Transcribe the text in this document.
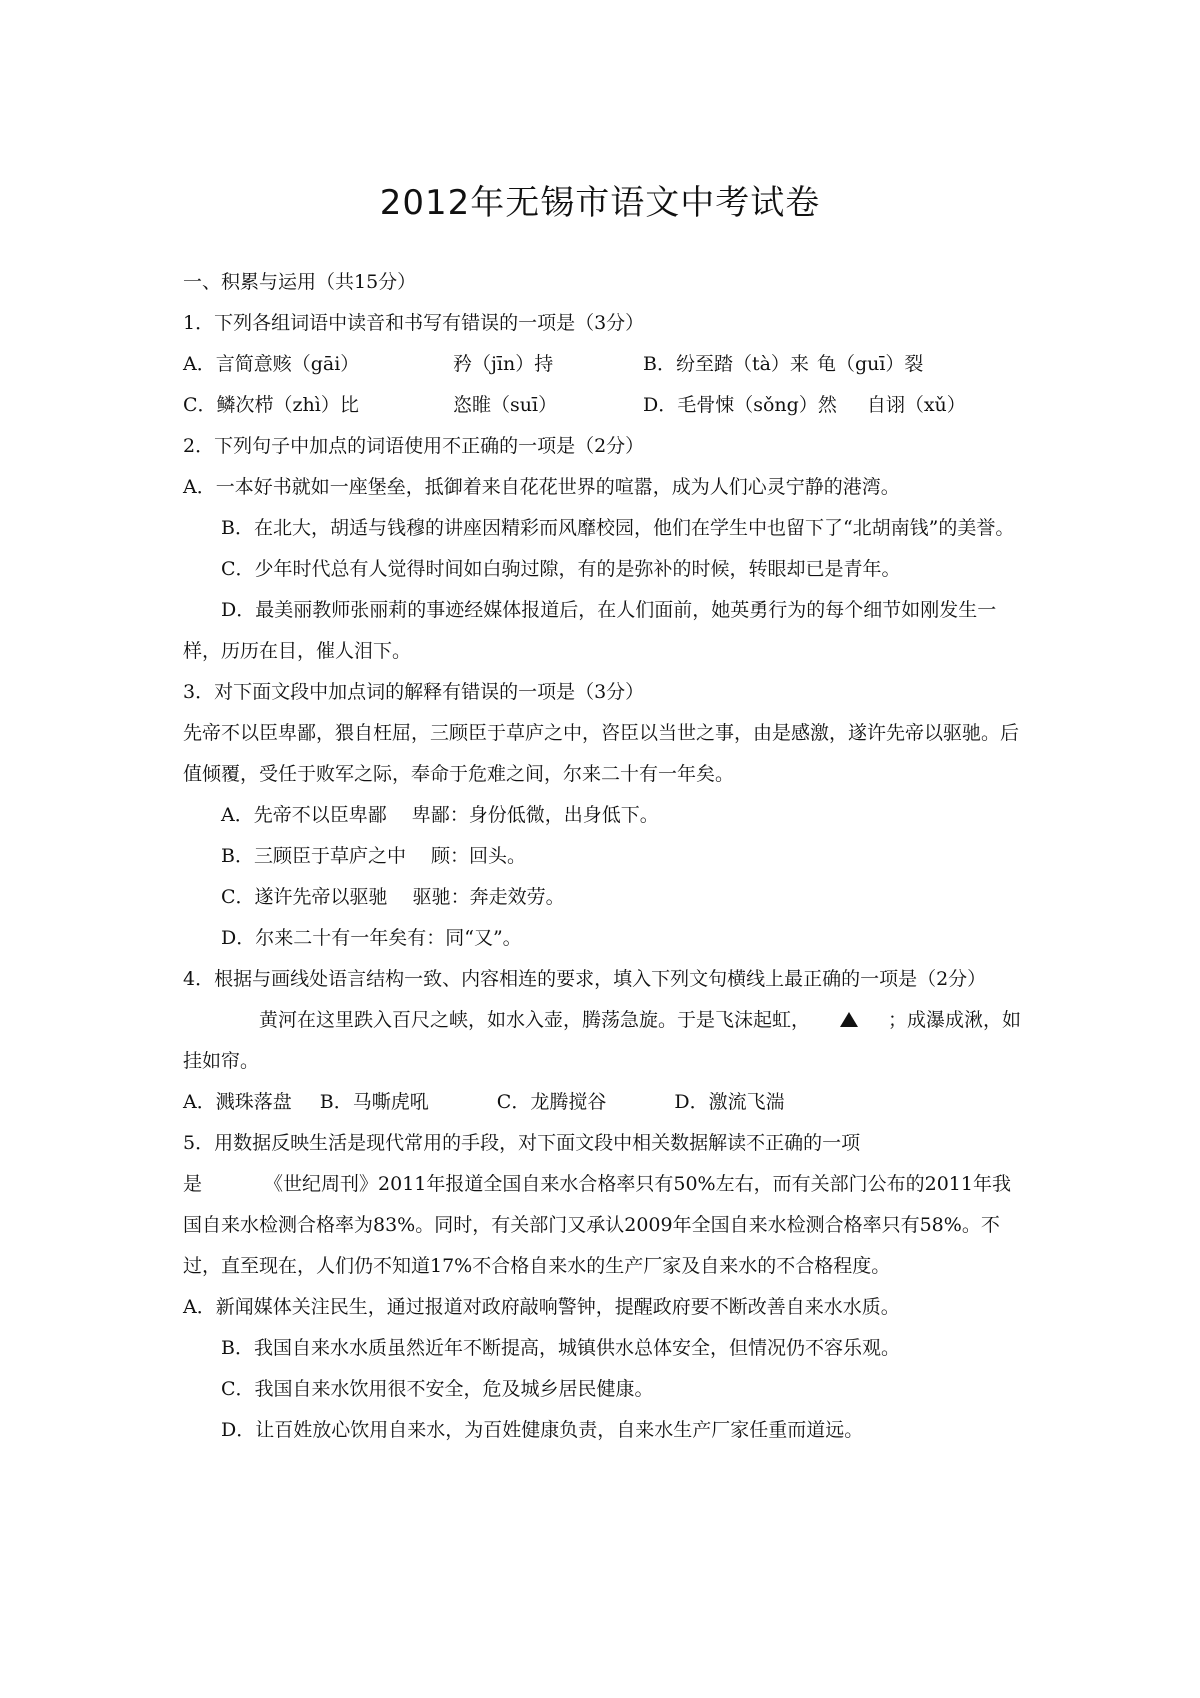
2012年无锡市语文中考试卷
一、积累与运用（共15分）
1．下列各组词语中读音和书写有错误的一项是（3分）
A．言简意赅（gāi）	矜（jīn）持	B．纷至踏（tà）来 龟（guī）裂
C．鳞次栉（zhì）比	恣睢（suī）	D．毛骨悚（sǒng）然 自诩（xǔ）
2．下列句子中加点的词语使用不正确的一项是（2分）
A．一本好书就如一座堡垒，抵御着来自花花世界的喧嚣，成为人们心灵宁静的港湾。
B．在北大，胡适与钱穆的讲座因精彩而风靡校园，他们在学生中也留下了“北胡南钱”的美誉。
C．少年时代总有人觉得时间如白驹过隙，有的是弥补的时候，转眼却已是青年。
D．最美丽教师张丽莉的事迹经媒体报道后，在人们面前，她英勇行为的每个细节如刚发生一样，历历在目，催人泪下。
3．对下面文段中加点词的解释有错误的一项是（3分）
先帝不以臣卑鄙，猥自枉屈，三顾臣于草庐之中，咨臣以当世之事，由是感激，遂许先帝以驱驰。后值倾覆，受任于败军之际，奉命于危难之间，尔来二十有一年矣。
A．先帝不以臣卑鄙　 卑鄙：身份低微，出身低下。
B．三顾臣于草庐之中　 顾：回头。
C．遂许先帝以驱驰　 驱驰：奔走效劳。
D．尔来二十有一年矣有：同“又”。
4．根据与画线处语言结构一致、内容相连的要求，填入下列文句横线上最正确的一项是（2分）
黄河在这里跌入百尺之峡，如水入壶，腾荡急旋。于是飞沫起虹，	；成瀑成湫，如挂如帘。
A．溅珠落盘 B．马嘶虎吼	C．龙腾搅谷	D．激流飞湍
5．用数据反映生活是现代常用的手段，对下面文段中相关数据解读不正确的一项
是	《世纪周刊》2011年报道全国自来水合格率只有50%左右，而有关部门公布的2011年我国自来水检测合格率为83%。同时，有关部门又承认2009年全国自来水检测合格率只有58%。不过，直至现在，人们仍不知道17%不合格自来水的生产厂家及自来水的不合格程度。
A．新闻媒体关注民生，通过报道对政府敲响警钟，提醒政府要不断改善自来水水质。
B．我国自来水水质虽然近年不断提高，城镇供水总体安全，但情况仍不容乐观。
C．我国自来水饮用很不安全，危及城乡居民健康。
D．让百姓放心饮用自来水，为百姓健康负责，自来水生产厂家任重而道远。
